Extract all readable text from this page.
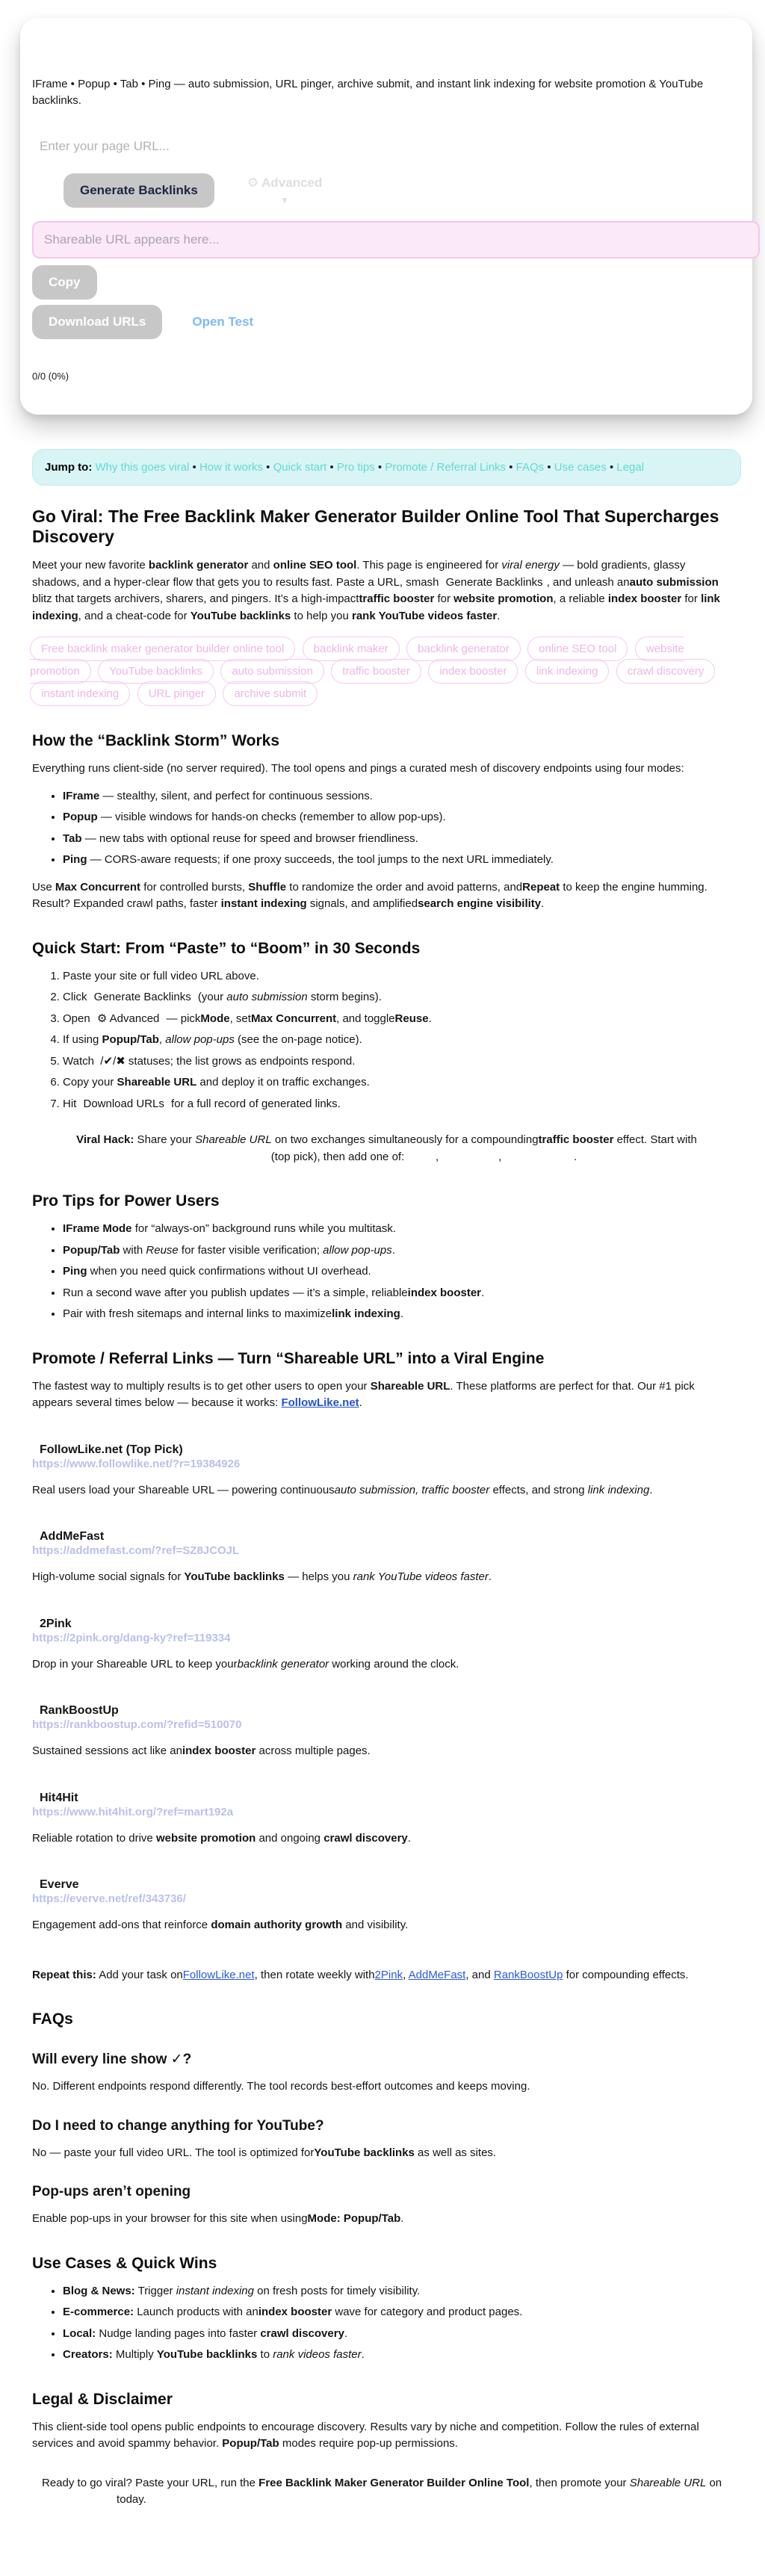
IFrame • Popup • Tab • Ping — auto submission, URL pinger, archive submit, and instant link indexing for website promotion & YouTube backlinks.

Enter your page URL...
Generate Backlinks
⚙ Advanced
▼
Shareable URL appears here... Copy
Download URLs	Open Test

0/0 (0%)

Jump to: Why this goes viral • How it works • Quick start • Pro tips • Promote / Referral Links • FAQs • Use cases • Legal
Go Viral: The Free Backlink Maker Generator Builder Online Tool That Supercharges Discovery

Meet your new favorite backlink generator and online SEO tool. This page is engineered for viral energy — bold gradients, glassy shadows, and a hyper-clear flow that gets you to results fast. Paste a URL, smash Generate Backlinks , and unleash anauto submission blitz that targets archivers, sharers, and pingers. It’s a high-impacttraffic booster for website promotion, a reliable index booster for link indexing, and a cheat-code for YouTube backlinks to help you rank YouTube videos faster.

Free backlink maker generator builder online tool	backlink maker	backlink generator	online SEO tool	website promotion	YouTube backlinks	auto submission	traffic booster	index booster	link indexing	crawl discovery instant indexing	URL pinger	archive submit
How the “Backlink Storm” Works

Everything runs client-side (no server required). The tool opens and pings a curated mesh of discovery endpoints using four modes:

• IFrame — stealthy, silent, and perfect for continuous sessions.
• Popup — visible windows for hands-on checks (remember to allow pop-ups).
• Tab — new tabs with optional reuse for speed and browser friendliness.
• Ping — CORS-aware requests; if one proxy succeeds, the tool jumps to the next URL immediately.

Use Max Concurrent for controlled bursts, Shuffle to randomize the order and avoid patterns, andRepeat to keep the engine humming. Result? Expanded crawl paths, faster instant indexing signals, and amplifiedsearch engine visibility.

Quick Start: From “Paste” to “Boom” in 30 Seconds
1. Paste your site or full video URL above.
2. Click Generate Backlinks (your auto submission storm begins).
3. Open ⚙ Advanced — pickMode, setMax Concurrent, and toggleReuse.
4. If using Popup/Tab, allow pop-ups (see the on-page notice).
5. Watch  /✔/✖ statuses; the list grows as endpoints respond.
6. Copy your Shareable URL and deploy it on traffic exchanges.
7. Hit Download URLs for a full record of generated links.

Viral Hack: Share your Shareable URL on two exchanges simultaneously for a compoundingtraffic booster effect. Start with (top pick), then add one of:	,	,	.

Pro Tips for Power Users
• IFrame Mode for “always-on” background runs while you multitask.
• Popup/Tab with Reuse for faster visible verification; allow pop-ups.
• Ping when you need quick confirmations without UI overhead.
• Run a second wave after you publish updates — it’s a simple, reliableindex booster.
• Pair with fresh sitemaps and internal links to maximizelink indexing.
Promote / Referral Links — Turn “Shareable URL” into a Viral Engine

The fastest way to multiply results is to get other users to open your Shareable URL. These platforms are perfect for that. Our #1 pick appears several times below — because it works: FollowLike.net.

FollowLike.net (Top Pick)
https://www.followlike.net/?r=19384926

Real users load your Shareable URL — powering continuousauto submission, traffic booster effects, and strong link indexing.

AddMeFast
https://addmefast.com/?ref=SZ8JCOJL

High-volume social signals for YouTube backlinks — helps you rank YouTube videos faster.

2Pink
https://2pink.org/dang-ky?ref=119334

Drop in your Shareable URL to keep yourbacklink generator working around the clock.

RankBoostUp
https://rankboostup.com/?refid=510070

Sustained sessions act like anindex booster across multiple pages.

Hit4Hit
https://www.hit4hit.org/?ref=mart192a

Reliable rotation to drive website promotion and ongoing crawl discovery.

Everve
https://everve.net/ref/343736/

Engagement add-ons that reinforce domain authority growth and visibility.

Repeat this: Add your task onFollowLike.net, then rotate weekly with2Pink, AddMeFast, and RankBoostUp for compounding effects.

FAQs
Will every line show ✓?

No. Different endpoints respond differently. The tool records best-effort outcomes and keeps moving.

Do I need to change anything for YouTube?

No — paste your full video URL. The tool is optimized forYouTube backlinks as well as sites.

Pop-ups aren’t opening

Enable pop-ups in your browser for this site when usingMode: Popup/Tab.

Use Cases & Quick Wins
• Blog & News: Trigger instant indexing on fresh posts for timely visibility.
• E-commerce: Launch products with anindex booster wave for category and product pages.
• Local: Nudge landing pages into faster crawl discovery.
• Creators: Multiply YouTube backlinks to rank videos faster.
Legal & Disclaimer

This client-side tool opens public endpoints to encourage discovery. Results vary by niche and competition. Follow the rules of external services and avoid spammy behavior. Popup/Tab modes require pop-up permissions.

Ready to go viral? Paste your URL, run the Free Backlink Maker Generator Builder Online Tool, then promote your Shareable URL on today.
